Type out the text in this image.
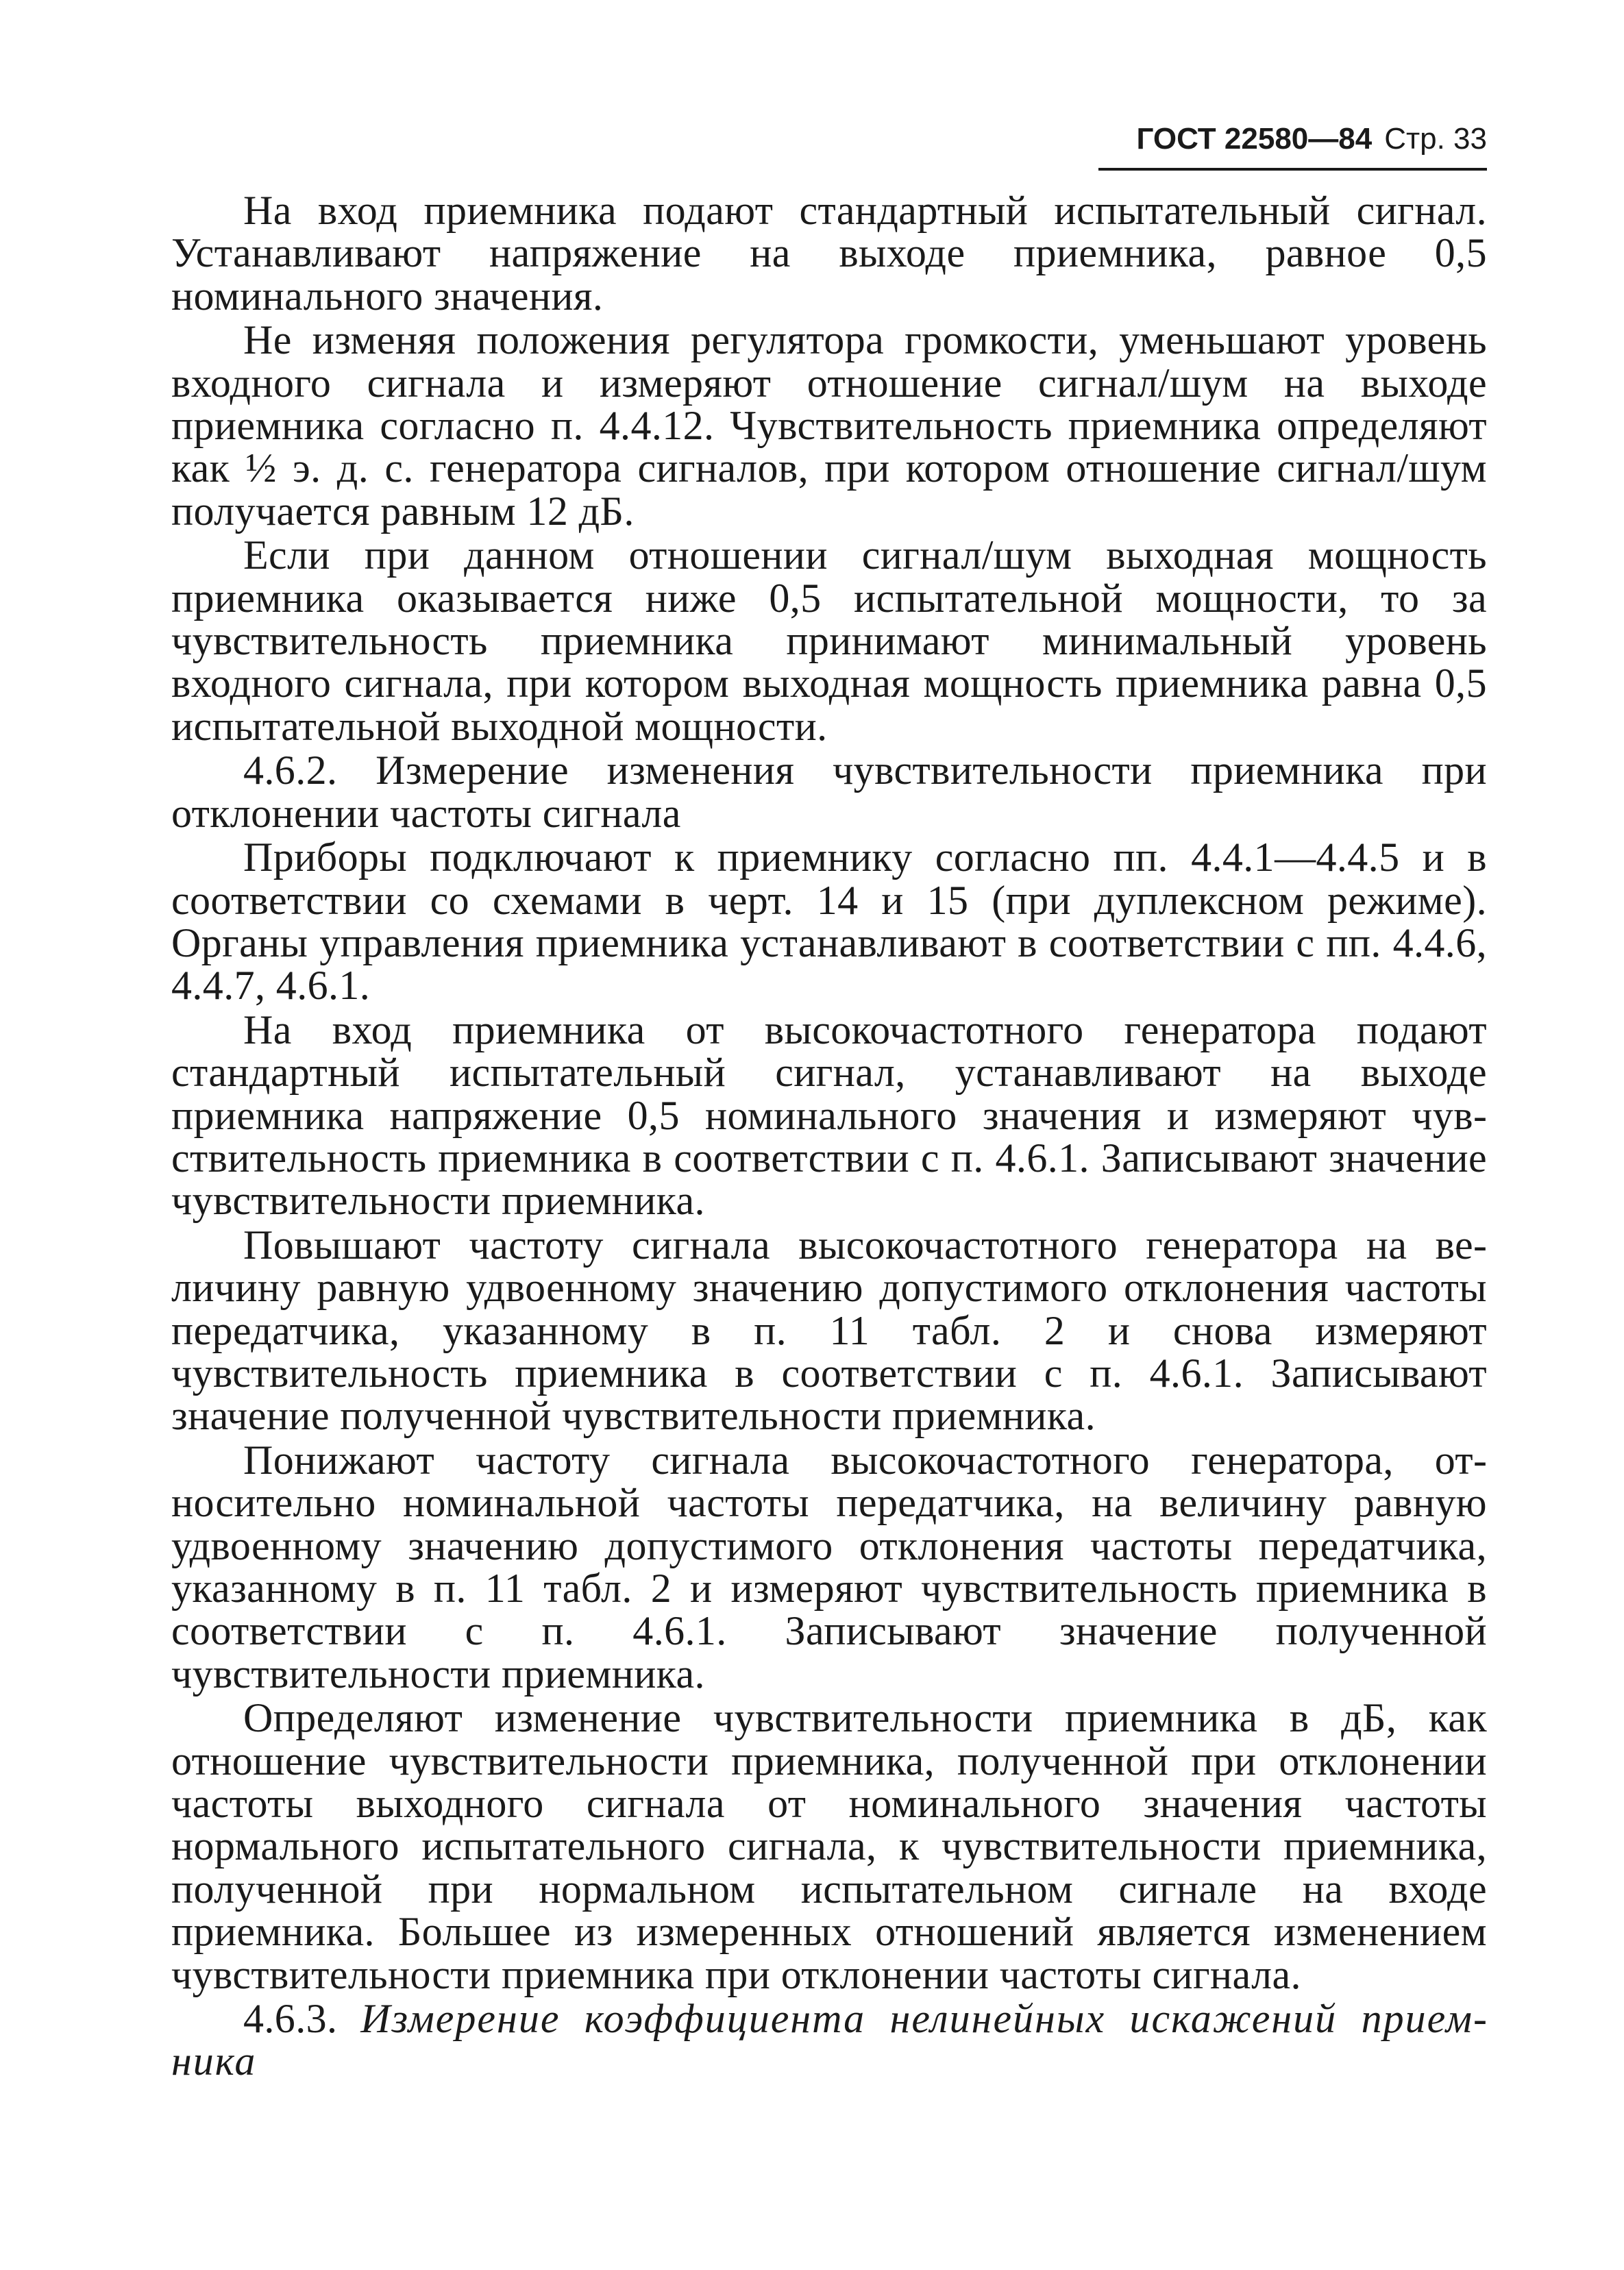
ГОСТ 22580—84 Стр. 33

На вход приемника подают стандартный испытательный сигнал. Устанавливают напряжение на выходе приемника, равное 0,5 номинального значения.

Не изменяя положения регулятора громкости, уменьшают уровень входного сигнала и измеряют отношение сигнал/шум на выходе приемника согласно п. 4.4.12. Чувствительность приемника определяют как ½ э. д. с. генератора сигналов, при котором отношение сигнал/шум получается равным 12 дБ.

Если при данном отношении сигнал/шум выходная мощность приемника оказывается ниже 0,5 испытательной мощности, то за чувствительность приемника принимают минимальный уровень входного сигнала, при котором выходная мощность приемника равна 0,5 испытательной выходной мощности.

4.6.2. Измерение изменения чувствительности приемника при отклонении частоты сигнала

Приборы подключают к приемнику согласно пп. 4.4.1—4.4.5 и в соответствии со схемами в черт. 14 и 15 (при дуплексном режиме). Органы управления приемника устанавливают в соответствии с пп. 4.4.6, 4.4.7, 4.6.1.

На вход приемника от высокочастотного генератора подают стандартный испытательный сигнал, устанавливают на выходе приемника напряжение 0,5 номинального значения и измеряют чувствительность приемника в соответствии с п. 4.6.1. Записывают значение чувствительности приемника.

Повышают частоту сигнала высокочастотного генератора на величину равную удвоенному значению допустимого отклонения частоты передатчика, указанному в п. 11 табл. 2 и снова измеряют чувствительность приемника в соответствии с п. 4.6.1. Записывают значение полученной чувствительности приемника.

Понижают частоту сигнала высокочастотного генератора, относительно номинальной частоты передатчика, на величину равную удвоенному значению допустимого отклонения частоты передатчика, указанному в п. 11 табл. 2 и измеряют чувствительность приемника в соответствии с п. 4.6.1. Записывают значение полученной чувствительности приемника.

Определяют изменение чувствительности приемника в дБ, как отношение чувствительности приемника, полученной при отклонении частоты выходного сигнала от номинального значения частоты нормального испытательного сигнала, к чувствительности приемника, полученной при нормальном испытательном сигнале на входе приемника. Большее из измеренных отношений является изменением чувствительности приемника при отклонении частоты сигнала.

4.6.3. Измерение коэффициента нелинейных искажений приемника
